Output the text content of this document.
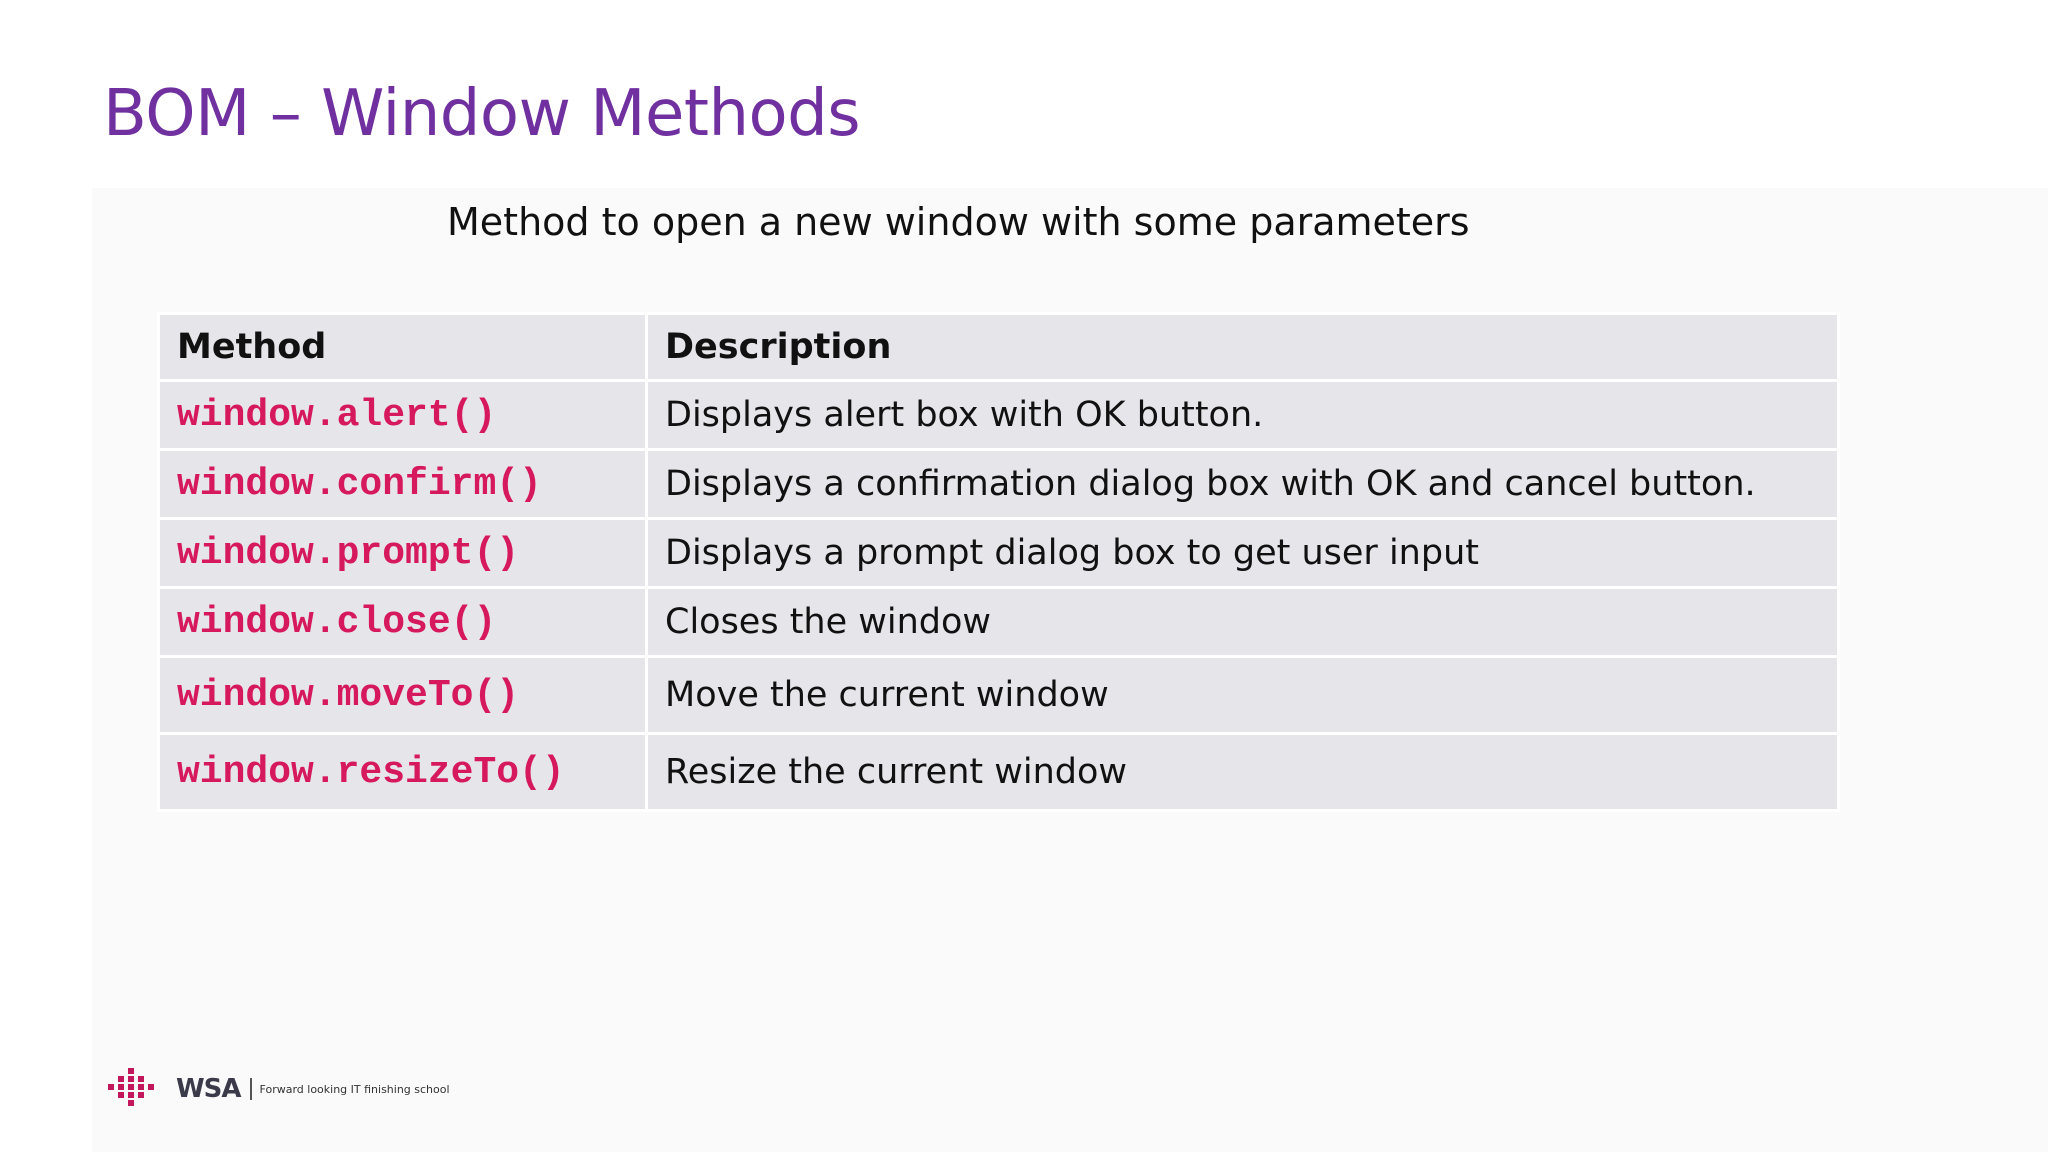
BOM – Window Methods

Method to open a new window with some parameters

Method	Description
window.alert()	Displays alert box with OK button.
window.confirm()	Displays a confirmation dialog box with OK and cancel button.
window.prompt()	Displays a prompt dialog box to get user input
window.close()	Closes the window
window.moveTo()	Move the current window
window.resizeTo()	Resize the current window
WSA Forward looking IT finishing school
